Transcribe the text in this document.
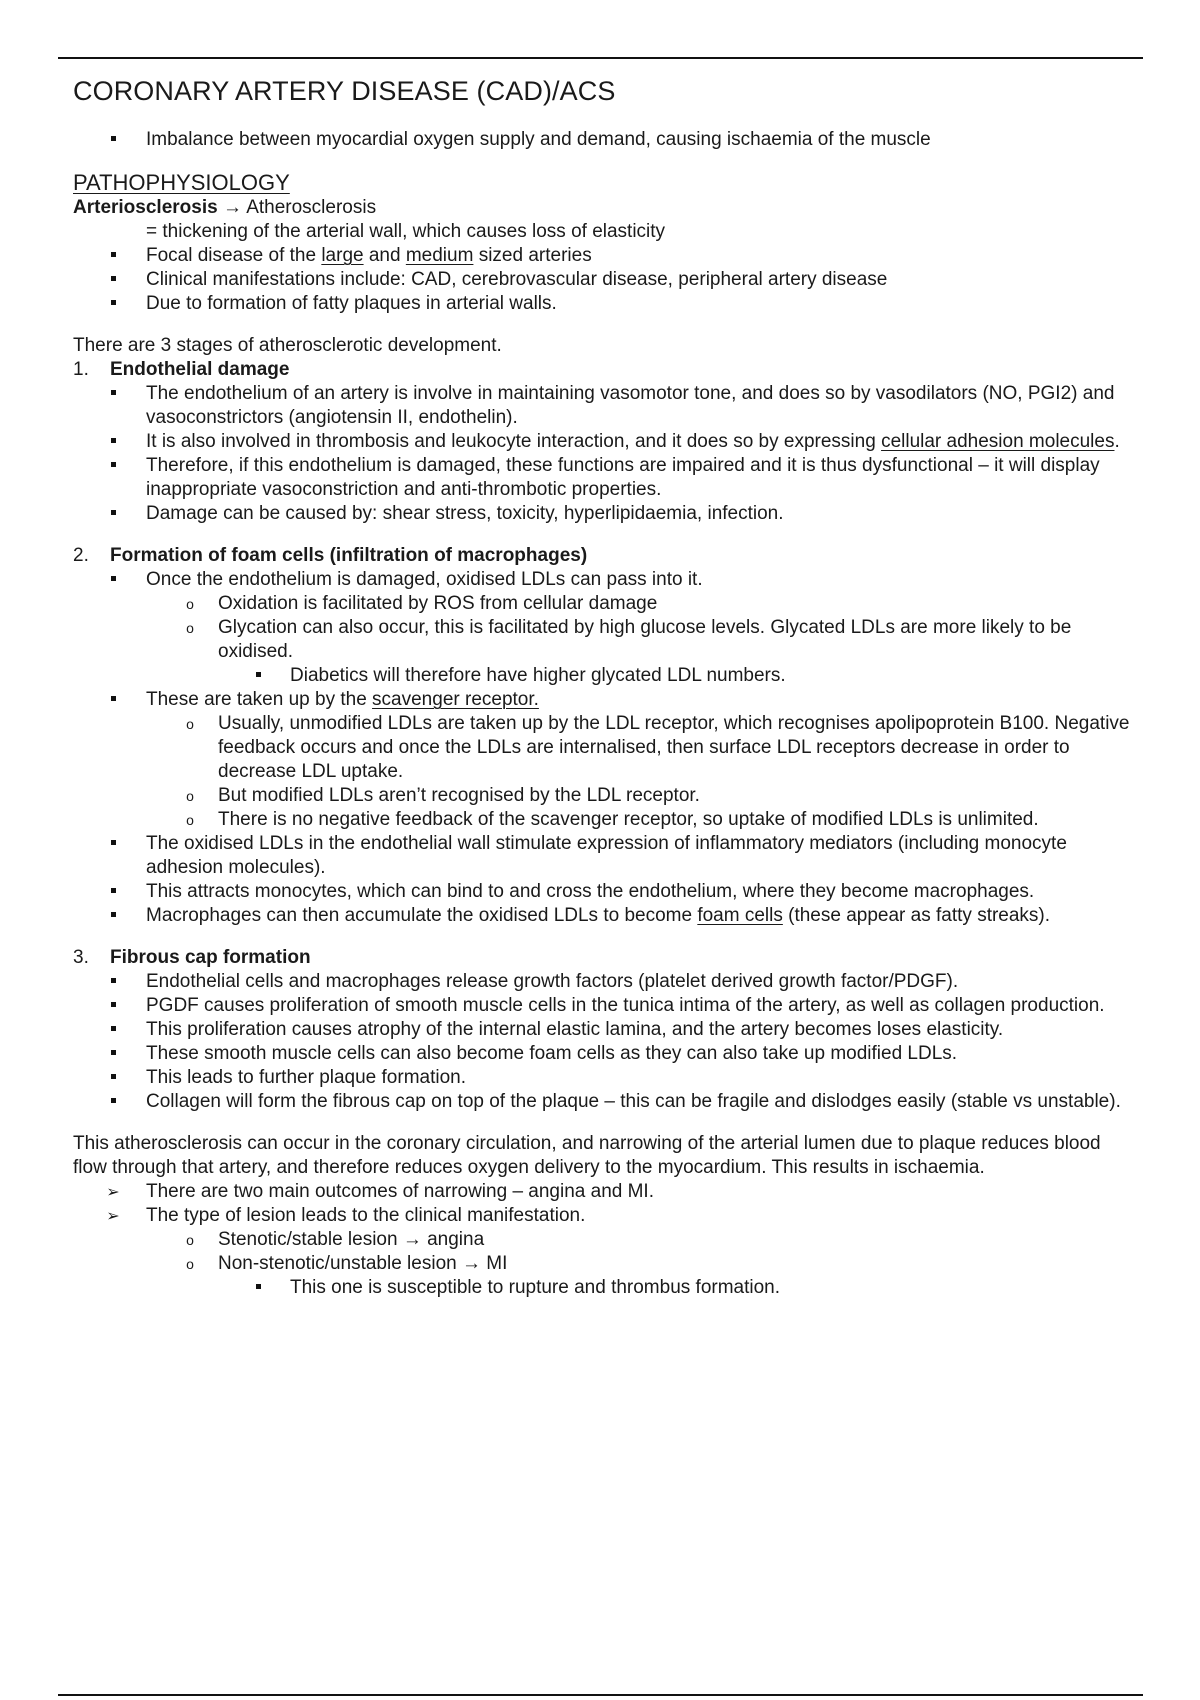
CORONARY ARTERY DISEASE (CAD)/ACS
Imbalance between myocardial oxygen supply and demand, causing ischaemia of the muscle
PATHOPHYSIOLOGY

Arteriosclerosis → Atherosclerosis

= thickening of the arterial wall, which causes loss of elasticity

Focal disease of the large and medium sized arteries
Clinical manifestations include: CAD, cerebrovascular disease, peripheral artery disease
Due to formation of fatty plaques in arterial walls.

There are 3 stages of atherosclerotic development.

1. Endothelial damage
The endothelium of an artery is involve in maintaining vasomotor tone, and does so by vasodilators (NO, PGI2) and vasoconstrictors (angiotensin II, endothelin).
It is also involved in thrombosis and leukocyte interaction, and it does so by expressing cellular adhesion molecules.
Therefore, if this endothelium is damaged, these functions are impaired and it is thus dysfunctional – it will display inappropriate vasoconstriction and anti-thrombotic properties.
Damage can be caused by: shear stress, toxicity, hyperlipidaemia, infection.
2. Formation of foam cells (infiltration of macrophages)
Once the endothelium is damaged, oxidised LDLs can pass into it.
o
Oxidation is facilitated by ROS from cellular damage
o
Glycation can also occur, this is facilitated by high glucose levels. Glycated LDLs are more likely to be oxidised.
Diabetics will therefore have higher glycated LDL numbers.
These are taken up by the scavenger receptor.
o
Usually, unmodified LDLs are taken up by the LDL receptor, which recognises apolipoprotein B100. Negative feedback occurs and once the LDLs are internalised, then surface LDL receptors decrease in order to decrease LDL uptake.
o
But modified LDLs aren’t recognised by the LDL receptor.
o
There is no negative feedback of the scavenger receptor, so uptake of modified LDLs is unlimited.
The oxidised LDLs in the endothelial wall stimulate expression of inflammatory mediators (including monocyte adhesion molecules).
This attracts monocytes, which can bind to and cross the endothelium, where they become macrophages.
Macrophages can then accumulate the oxidised LDLs to become foam cells (these appear as fatty streaks).
3. Fibrous cap formation
Endothelial cells and macrophages release growth factors (platelet derived growth factor/PDGF).
PGDF causes proliferation of smooth muscle cells in the tunica intima of the artery, as well as collagen production.
This proliferation causes atrophy of the internal elastic lamina, and the artery becomes loses elasticity.
These smooth muscle cells can also become foam cells as they can also take up modified LDLs.
This leads to further plaque formation.
Collagen will form the fibrous cap on top of the plaque – this can be fragile and dislodges easily (stable vs unstable).

This atherosclerosis can occur in the coronary circulation, and narrowing of the arterial lumen due to plaque reduces blood flow through that artery, and therefore reduces oxygen delivery to the myocardium. This results in ischaemia.

➢
There are two main outcomes of narrowing – angina and MI.
➢
The type of lesion leads to the clinical manifestation.
o
Stenotic/stable lesion → angina
o
Non-stenotic/unstable lesion → MI
This one is susceptible to rupture and thrombus formation.
